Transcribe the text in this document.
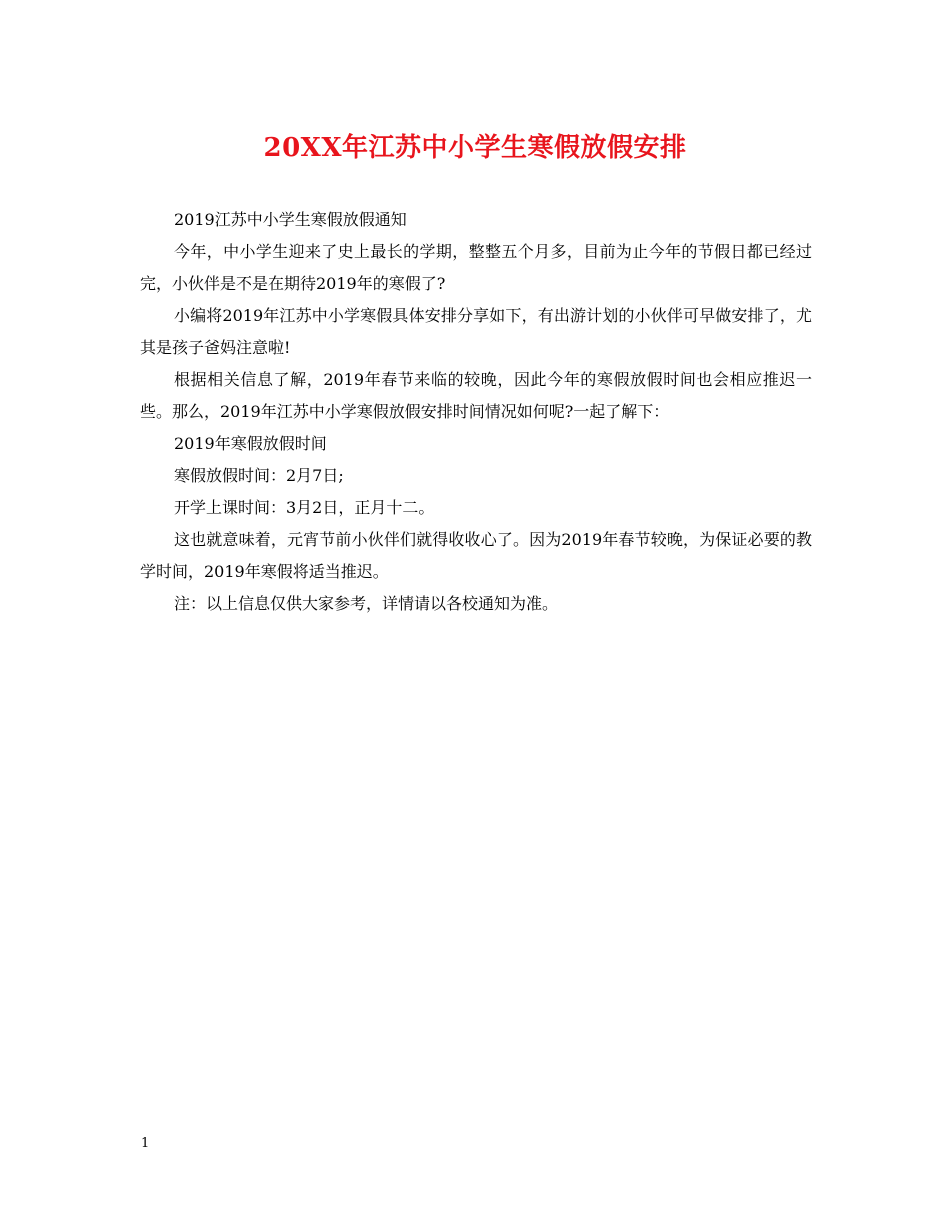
20XX年江苏中小学生寒假放假安排

2019江苏中小学生寒假放假通知

今年，中小学生迎来了史上最长的学期，整整五个月多，目前为止今年的节假日都已经过完，小伙伴是不是在期待2019年的寒假了?

小编将2019年江苏中小学寒假具体安排分享如下，有出游计划的小伙伴可早做安排了，尤其是孩子爸妈注意啦!

根据相关信息了解，2019年春节来临的较晚，因此今年的寒假放假时间也会相应推迟一些。那么，2019年江苏中小学寒假放假安排时间情况如何呢?一起了解下：

2019年寒假放假时间

寒假放假时间：2月7日;

开学上课时间：3月2日，正月十二。

这也就意味着，元宵节前小伙伴们就得收收心了。因为2019年春节较晚，为保证必要的教学时间，2019年寒假将适当推迟。

注：以上信息仅供大家参考，详情请以各校通知为准。

1
